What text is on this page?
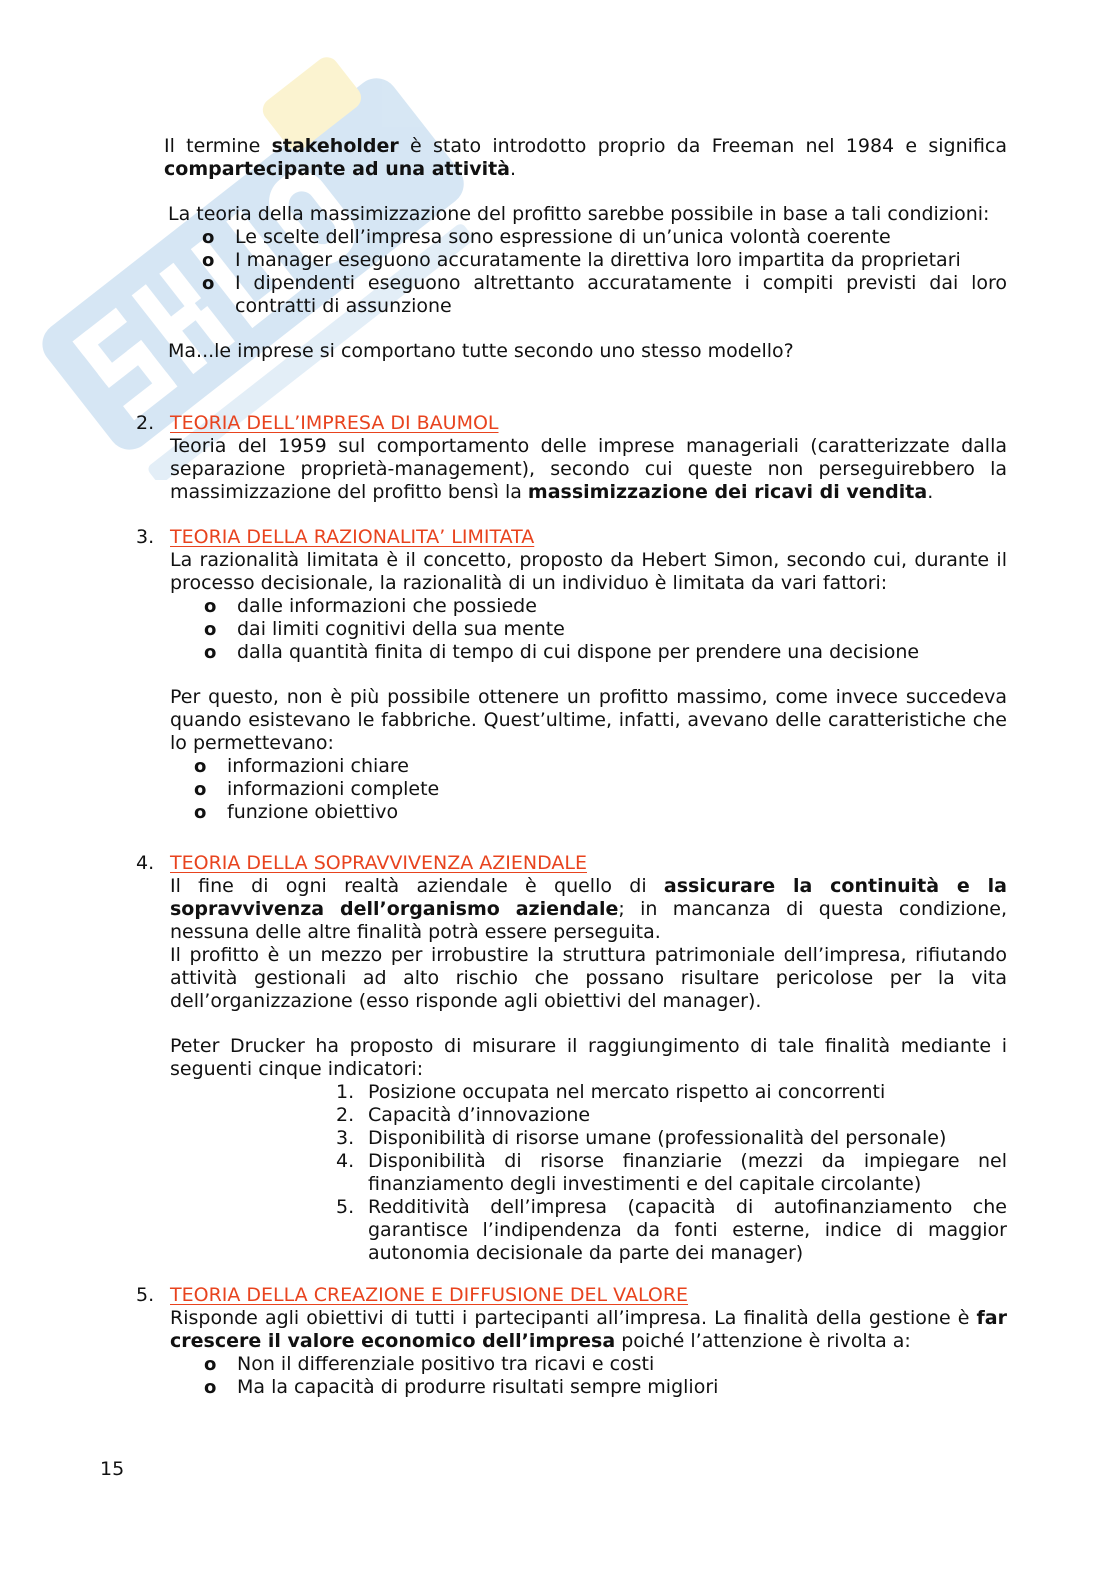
Il termine stakeholder è stato introdotto proprio da Freeman nel 1984 e significa compartecipante ad una attività.

La teoria della massimizzazione del profitto sarebbe possibile in base a tali condizioni:

o Le scelte dell’impresa sono espressione di un’unica volontà coerente
o I manager eseguono accuratamente la direttiva loro impartita da proprietari
o I dipendenti eseguono altrettanto accuratamente i compiti previsti dai loro contratti di assunzione

Ma...le imprese si comportano tutte secondo uno stesso modello?

2. TEORIA DELL’IMPRESA DI BAUMOL

Teoria del 1959 sul comportamento delle imprese manageriali (caratterizzate dalla separazione proprietà-management), secondo cui queste non perseguirebbero la massimizzazione del profitto bensì la massimizzazione dei ricavi di vendita.

3. TEORIA DELLA RAZIONALITA’ LIMITATA

La razionalità limitata è il concetto, proposto da Hebert Simon, secondo cui, durante il processo decisionale, la razionalità di un individuo è limitata da vari fattori:

o dalle informazioni che possiede
o dai limiti cognitivi della sua mente
o dalla quantità finita di tempo di cui dispone per prendere una decisione

Per questo, non è più possibile ottenere un profitto massimo, come invece succedeva quando esistevano le fabbriche. Quest’ultime, infatti, avevano delle caratteristiche che lo permettevano:

o informazioni chiare
o informazioni complete
o funzione obiettivo
4. TEORIA DELLA SOPRAVVIVENZA AZIENDALE

Il fine di ogni realtà aziendale è quello di assicurare la continuità e la sopravvivenza dell’organismo aziendale; in mancanza di questa condizione, nessuna delle altre finalità potrà essere perseguita.

Il profitto è un mezzo per irrobustire la struttura patrimoniale dell’impresa, rifiutando attività gestionali ad alto rischio che possano risultare pericolose per la vita dell’organizzazione (esso risponde agli obiettivi del manager).

Peter Drucker ha proposto di misurare il raggiungimento di tale finalità mediante i seguenti cinque indicatori:

1. Posizione occupata nel mercato rispetto ai concorrenti
2. Capacità d’innovazione
3. Disponibilità di risorse umane (professionalità del personale)
4. Disponibilità di risorse finanziarie (mezzi da impiegare nel finanziamento degli investimenti e del capitale circolante)
5. Redditività dell’impresa (capacità di autofinanziamento che garantisce l’indipendenza da fonti esterne, indice di maggior autonomia decisionale da parte dei manager)
5. TEORIA DELLA CREAZIONE E DIFFUSIONE DEL VALORE

Risponde agli obiettivi di tutti i partecipanti all’impresa. La finalità della gestione è far crescere il valore economico dell’impresa poiché l’attenzione è rivolta a:

o Non il differenziale positivo tra ricavi e costi
o Ma la capacità di produrre risultati sempre migliori
15
